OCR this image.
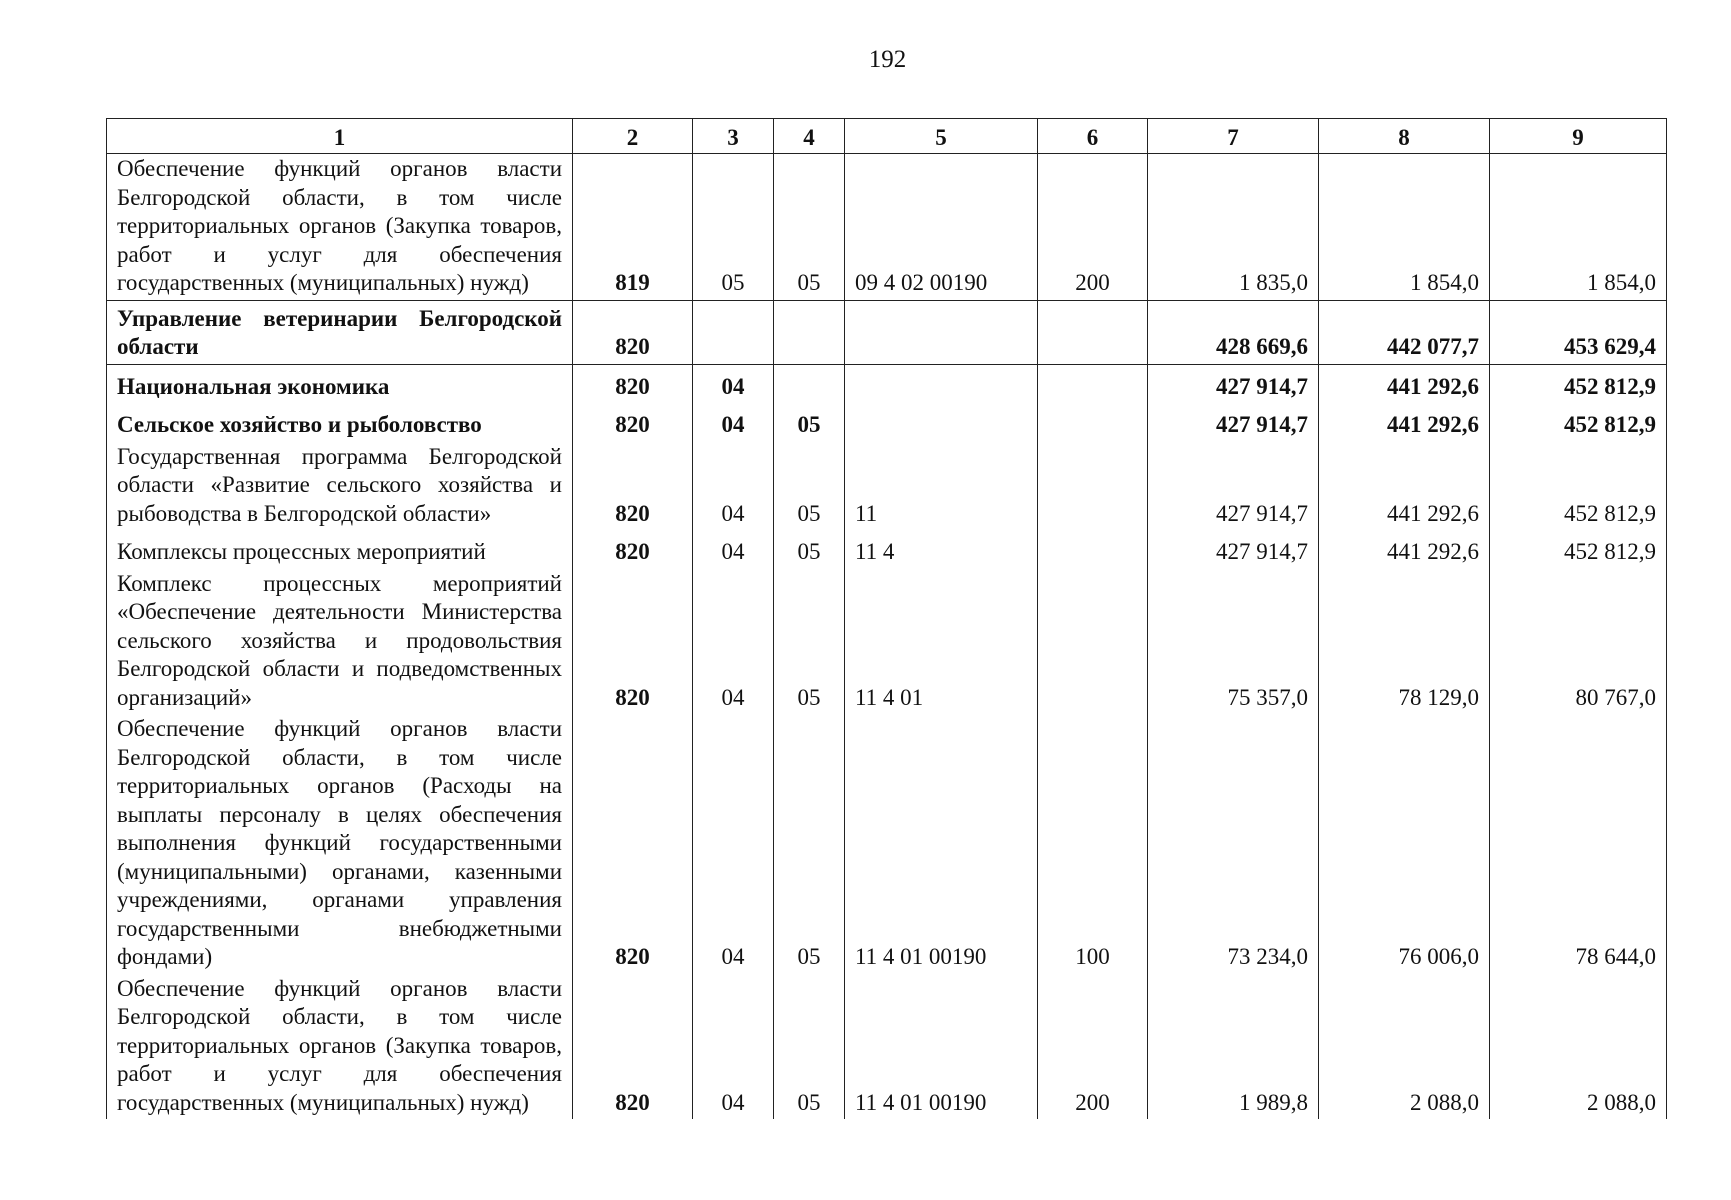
192
1	2	3	4	5	6	7	8	9
Обеспечение функций органов власти Белгородской области, в том числе территориальных органов (Закупка товаров, работ и услуг для обеспечения государственных (муниципальных) нужд)	819	05	05	09 4 02 00190	200	1 835,0	1 854,0	1 854,0
Управление ветеринарии Белгородской области	820					428 669,6	442 077,7	453 629,4
Национальная экономика	820	04				427 914,7	441 292,6	452 812,9
Сельское хозяйство и рыболовство	820	04	05			427 914,7	441 292,6	452 812,9
Государственная программа Белгородской области «Развитие сельского хозяйства и рыбоводства в Белгородской области»	820	04	05	11		427 914,7	441 292,6	452 812,9
Комплексы процессных мероприятий	820	04	05	11 4		427 914,7	441 292,6	452 812,9
Комплекс процессных мероприятий «Обеспечение деятельности Министерства сельского хозяйства и продовольствия Белгородской области и подведомственных организаций»	820	04	05	11 4 01		75 357,0	78 129,0	80 767,0
Обеспечение функций органов власти Белгородской области, в том числе территориальных органов (Расходы на выплаты персоналу в целях обеспечения выполнения функций государственными (муниципальными) органами, казенными учреждениями, органами управления государственными внебюджетными фондами)	820	04	05	11 4 01 00190	100	73 234,0	76 006,0	78 644,0
Обеспечение функций органов власти Белгородской области, в том числе территориальных органов (Закупка товаров, работ и услуг для обеспечения государственных (муниципальных) нужд)	820	04	05	11 4 01 00190	200	1 989,8	2 088,0	2 088,0
